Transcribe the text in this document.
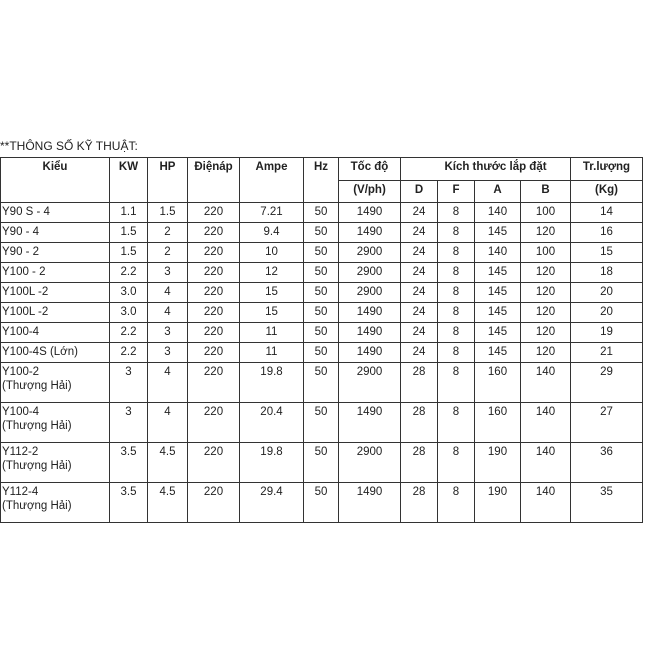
**THÔNG SỐ KỸ THUẬT:
Kiểu	KW	HP	Điệnáp	Ampe	Hz	Tốc độ	Kích thước lắp đặt				Tr.lượng
						(V/ph)	D	F	A	B	(Kg)
Y90 S - 4	1.1	1.5	220	7.21	50	1490	24	8	140	100	14
Y90 - 4	1.5	2	220	9.4	50	1490	24	8	145	120	16
Y90 - 2	1.5	2	220	10	50	2900	24	8	140	100	15
Y100 - 2	2.2	3	220	12	50	2900	24	8	145	120	18
Y100L -2	3.0	4	220	15	50	2900	24	8	145	120	20
Y100L -2	3.0	4	220	15	50	1490	24	8	145	120	20
Y100-4	2.2	3	220	11	50	1490	24	8	145	120	19
Y100-4S (Lớn)	2.2	3	220	11	50	1490	24	8	145	120	21
Y100-2
(Thượng Hải)	3	4	220	19.8	50	2900	28	8	160	140	29
Y100-4
(Thượng Hải)	3	4	220	20.4	50	1490	28	8	160	140	27
Y112-2
(Thượng Hải)	3.5	4.5	220	19.8	50	2900	28	8	190	140	36
Y112-4
(Thượng Hải)	3.5	4.5	220	29.4	50	1490	28	8	190	140	35
